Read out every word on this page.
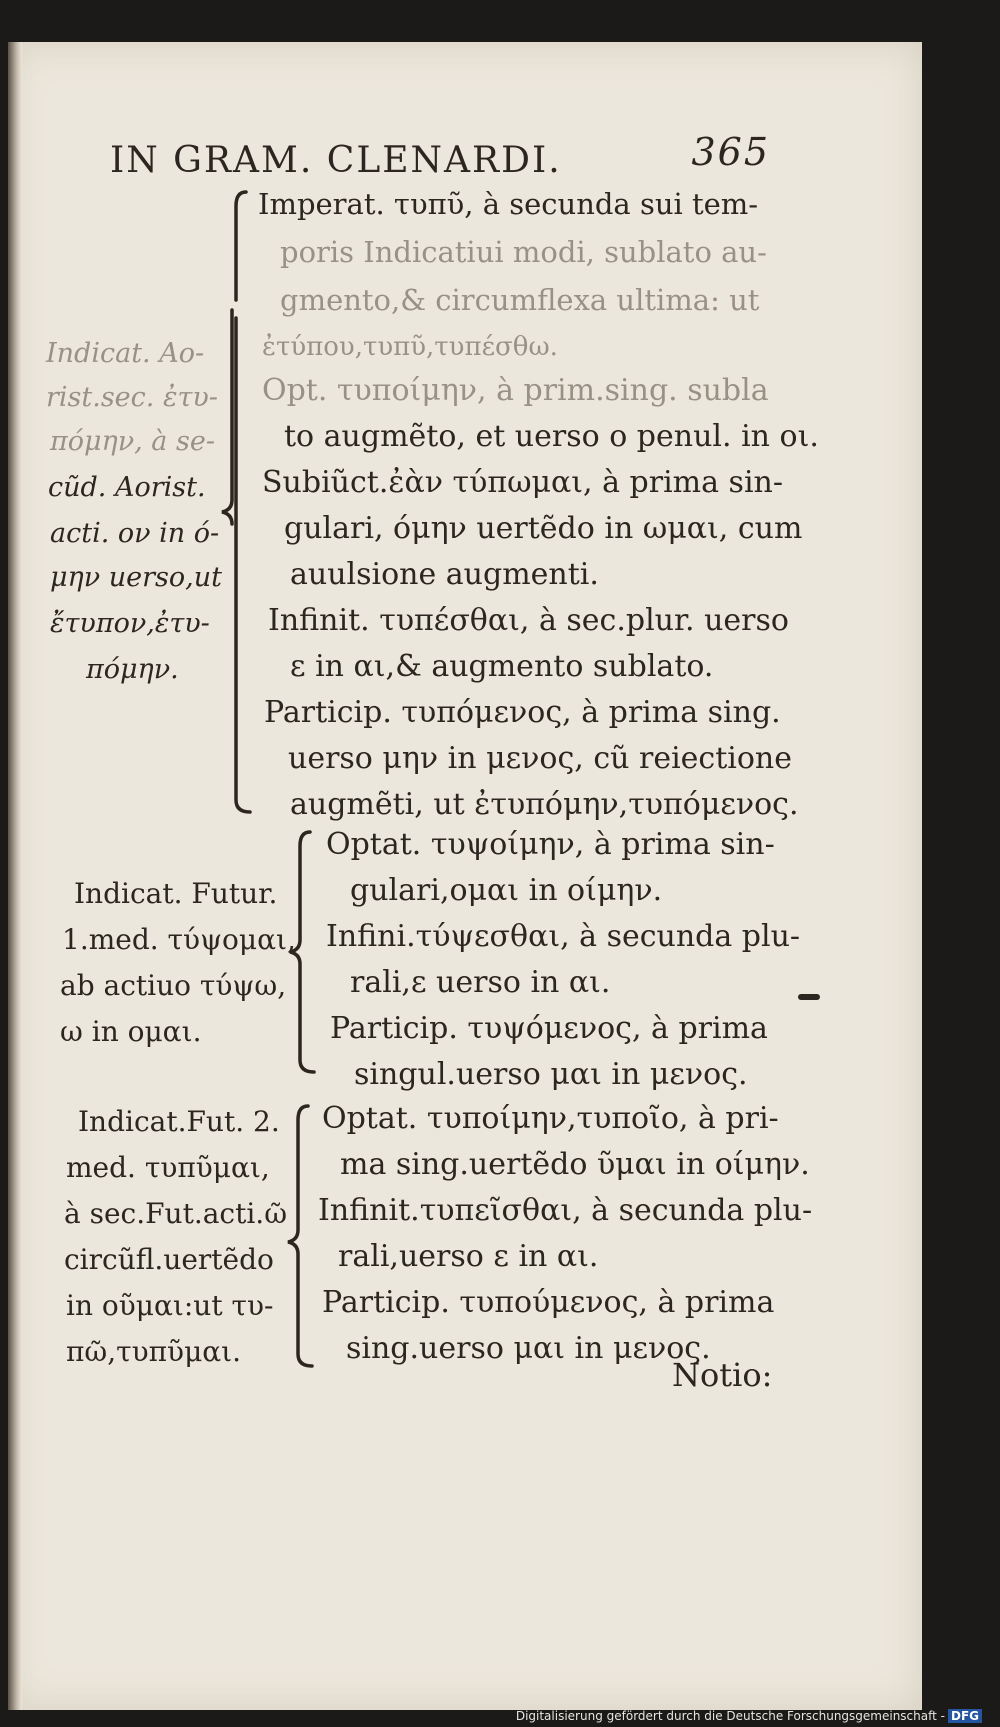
IN GRAM. CLENARDI.	365
Imperat. τυπῦ, à secunda sui tem-
poris Indicatiui modi, sublato au-
gmento,& circumflexa ultima: ut
ἐτύπου,τυπῦ,τυπέσθω.
Opt. τυποίμην, à prim.sing. subla
to augmẽto, et uerso ο penul. in οι.
Subiũct.ἐὰν τύπωμαι, à prima sin-
gulari, όμην uertẽdo in ωμαι, cum
auulsione augmenti.
Infinit. τυπέσθαι, à sec.plur. uerso
ε in αι,& augmento sublato.
Particip. τυπόμενος, à prima sing.
uerso μην in μενος, cũ reiectione
augmẽti, ut ἐτυπόμην,τυπόμενος.
Optat. τυψοίμην, à prima sin-
gulari,ομαι in οίμην.
Infini.τύψεσθαι, à secunda plu-
rali,ε uerso in αι.
Particip. τυψόμενος, à prima
singul.uerso μαι in μενος.
Optat. τυποίμην,τυποῖο, à pri-
ma sing.uertẽdo ῦμαι in οίμην.
Infinit.τυπεῖσθαι, à secunda plu-
rali,uerso ε in αι.
Particip. τυπούμενος, à prima
sing.uerso μαι in μενος.
Indicat. Ao-
rist.sec. ἐτυ-
πόμην, à se-
cũd. Aorist.
acti. ον in ό-
μην uerso,ut
ἔτυπον,ἐτυ-
πόμην.
Indicat. Futur.
1.med. τύψομαι,
ab actiuo τύψω,
ω in ομαι.
Indicat.Fut. 2.
med. τυπῦμαι,
à sec.Fut.acti.ῶ
circũfl.uertẽdo
in οῦμαι:ut τυ-
πῶ,τυπῦμαι.
Notio:
Digitalisierung gefördert durch die Deutsche Forschungsgemeinschaft - DFG
